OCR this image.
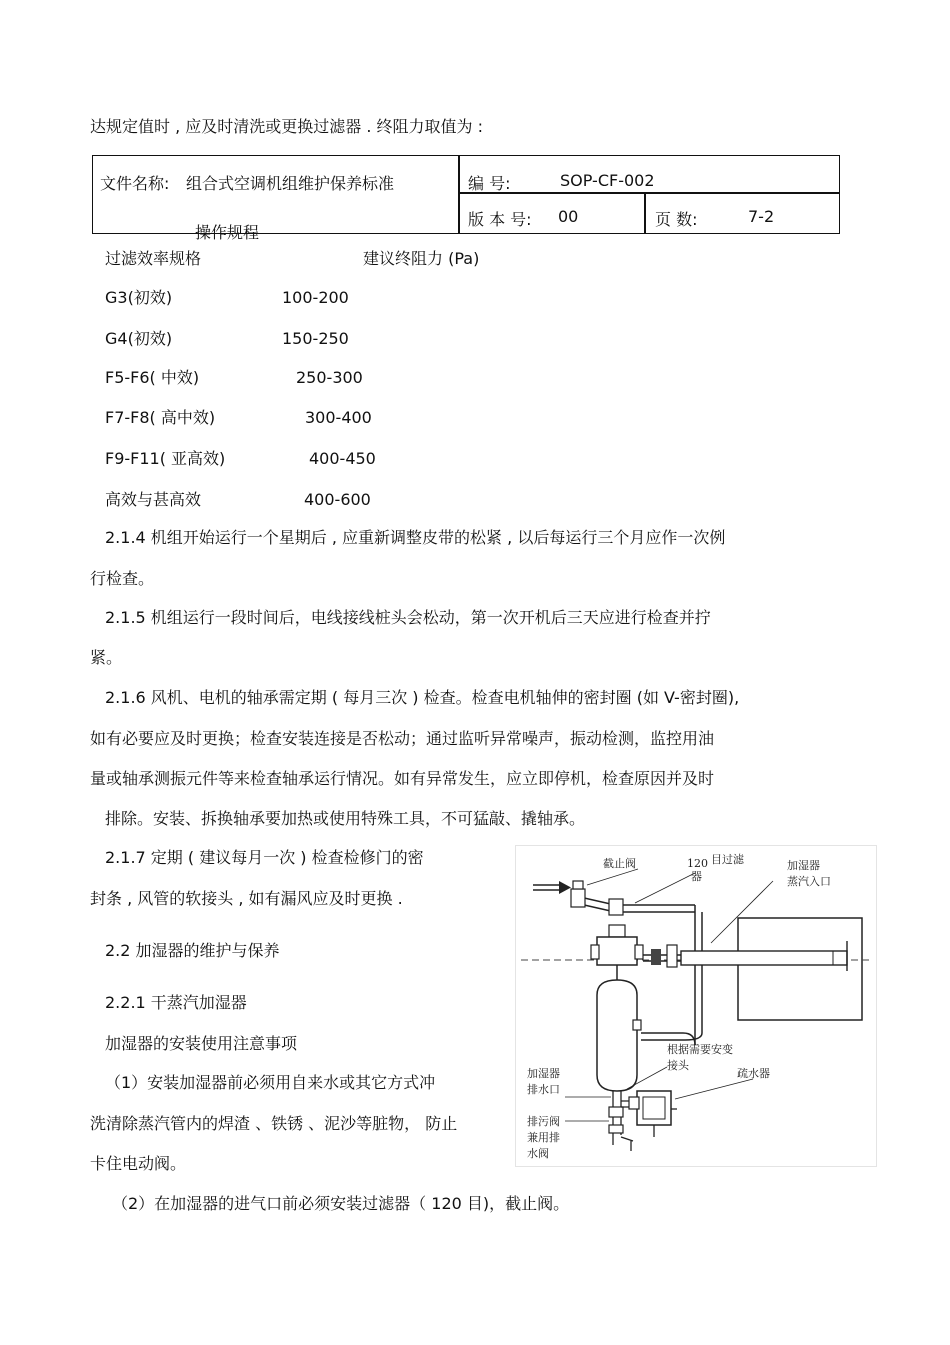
达规定值时 , 应及时清洗或更换过滤器 . 终阻力取值为 :
文件名称: 组合式空调机组维护保养标准
操作规程
编 号:	SOP-CF-002
版 本 号: 00	页 数:	7-2
过滤效率规格	建议终阻力 (Pa)
G3(初效)	100-200
G4(初效)	150-250
F5-F6( 中效)	250-300
F7-F8( 高中效)	300-400
F9-F11( 亚高效)	400-450
高效与甚高效	400-600
2.1.4 机组开始运行一个星期后 , 应重新调整皮带的松紧 , 以后每运行三个月应作一次例
行检查。
2.1.5 机组运行一段时间后，电线接线桩头会松动，第一次开机后三天应进行检查并拧
紧。
2.1.6 风机、电机的轴承需定期 ( 每月三次 ) 检查。检查电机轴伸的密封圈 (如 V-密封圈),
如有必要应及时更换；检查安装连接是否松动；通过监听异常噪声，振动检测，监控用油
量或轴承测振元件等来检查轴承运行情况。如有异常发生，应立即停机，检查原因并及时
排除。安装、拆换轴承要加热或使用特殊工具，不可猛敲、撬轴承。
2.1.7 定期 ( 建议每月一次 ) 检查检修门的密
封条 , 风管的软接头 , 如有漏风应及时更换 .
2.2 加湿器的维护与保养
2.2.1 干蒸汽加湿器
加湿器的安装使用注意事项
（1）安装加湿器前必须用自来水或其它方式冲
洗清除蒸汽管内的焊渣 、铁锈 、泥沙等脏物， 防止
卡住电动阀。
（2）在加湿器的进气口前必须安装过滤器（ 120 目)，截止阀。
截止阀	120 目过滤
器
加湿器
蒸汽入口
根据需要安变
接头
疏水器
加湿器
排水口
排污阀
兼用排
水阀
